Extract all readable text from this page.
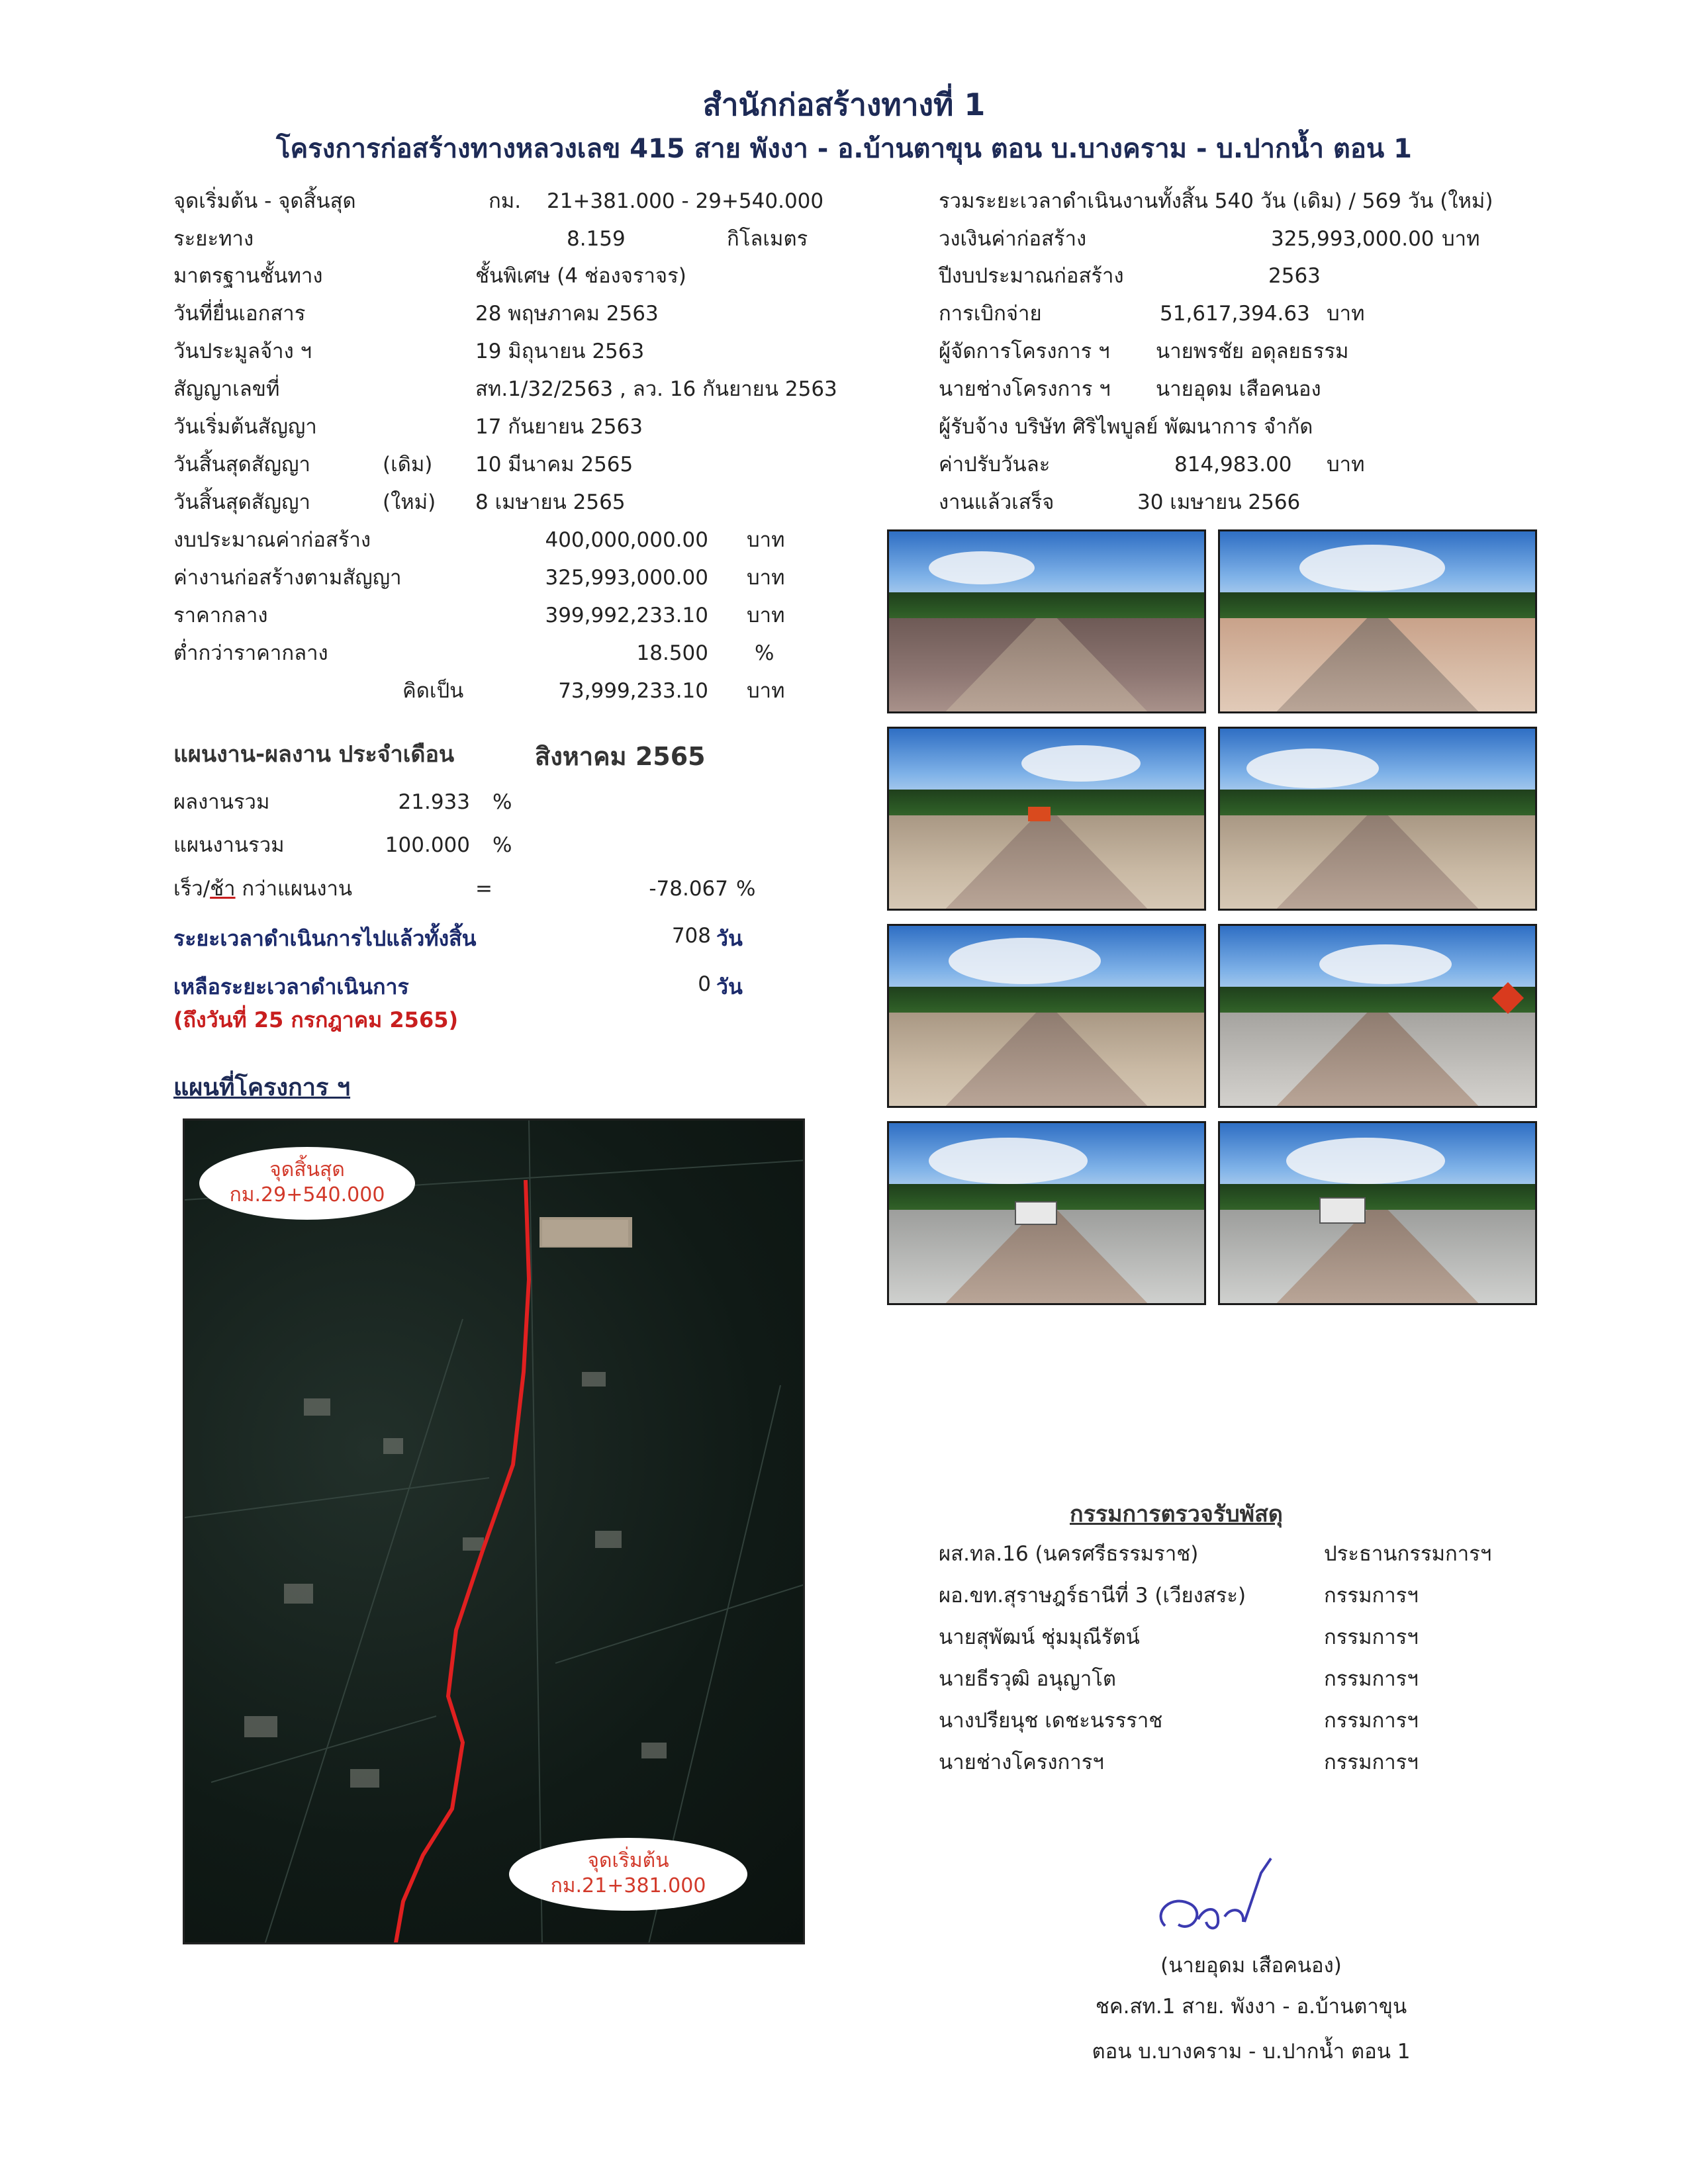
สำนักก่อสร้างทางที่ 1
โครงการก่อสร้างทางหลวงเลข 415 สาย พังงา - อ.บ้านตาขุน ตอน บ.บางคราม - บ.ปากน้ำ ตอน 1
จุดเริ่มต้น - จุดสิ้นสุด	กม. 21+381.000 - 29+540.000
ระยะทาง	8.159	กิโลเมตร
มาตรฐานชั้นทาง	ชั้นพิเศษ (4 ช่องจราจร)
วันที่ยื่นเอกสาร	28 พฤษภาคม 2563
วันประมูลจ้าง ฯ	19 มิถุนายน 2563
สัญญาเลขที่	สท.1/32/2563 , ลว. 16 กันยายน 2563
วันเริ่มต้นสัญญา	17 กันยายน 2563
วันสิ้นสุดสัญญา	(เดิม) 10 มีนาคม 2565
วันสิ้นสุดสัญญา	(ใหม่) 8 เมษายน 2565
งบประมาณค่าก่อสร้าง	400,000,000.00 บาท
ค่างานก่อสร้างตามสัญญา	325,993,000.00 บาท
ราคากลาง	399,992,233.10 บาท
ต่ำกว่าราคากลาง	18.500 %
คิดเป็น	73,999,233.10 บาท
รวมระยะเวลาดำเนินงานทั้งสิ้น 540 วัน (เดิม) / 569 วัน (ใหม่)
วงเงินค่าก่อสร้าง	325,993,000.00 บาท
ปีงบประมาณก่อสร้าง	2563
การเบิกจ่าย	51,617,394.63 บาท
ผู้จัดการโครงการ ฯ นายพรชัย อดุลยธรรม
นายช่างโครงการ ฯ นายอุดม เสือคนอง
ผู้รับจ้าง บริษัท ศิริไพบูลย์ พัฒนาการ จำกัด
ค่าปรับวันละ	814,983.00 บาท
งานแล้วเสร็จ	30 เมษายน 2566
แผนงาน-ผลงาน ประจำเดือน	สิงหาคม 2565
ผลงานรวม	21.933 %
แผนงานรวม	100.000 %
เร็ว/ช้า กว่าแผนงาน	=	-78.067 %
ระยะเวลาดำเนินการไปแล้วทั้งสิ้น	708 วัน
เหลือระยะเวลาดำเนินการ	0 วัน
(ถึงวันที่ 25 กรกฎาคม 2565)
แผนที่โครงการ ฯ
จุดสิ้นสุด
กม.29+540.000
จุดเริ่มต้น
กม.21+381.000
กรรมการตรวจรับพัสดุ
ผส.ทล.16 (นครศรีธรรมราช)	ประธานกรรมการฯ
ผอ.ขท.สุราษฎร์ธานีที่ 3 (เวียงสระ)	กรรมการฯ
นายสุพัฒน์ ชุ่มมุณีรัตน์	กรรมการฯ
นายธีรวุฒิ อนุญาโต	กรรมการฯ
นางปรียนุช เดชะนรรราช	กรรมการฯ
นายช่างโครงการฯ	กรรมการฯ
(นายอุดม เสือคนอง)
ชค.สท.1 สาย. พังงา - อ.บ้านตาขุน
ตอน บ.บางคราม - บ.ปากน้ำ ตอน 1
